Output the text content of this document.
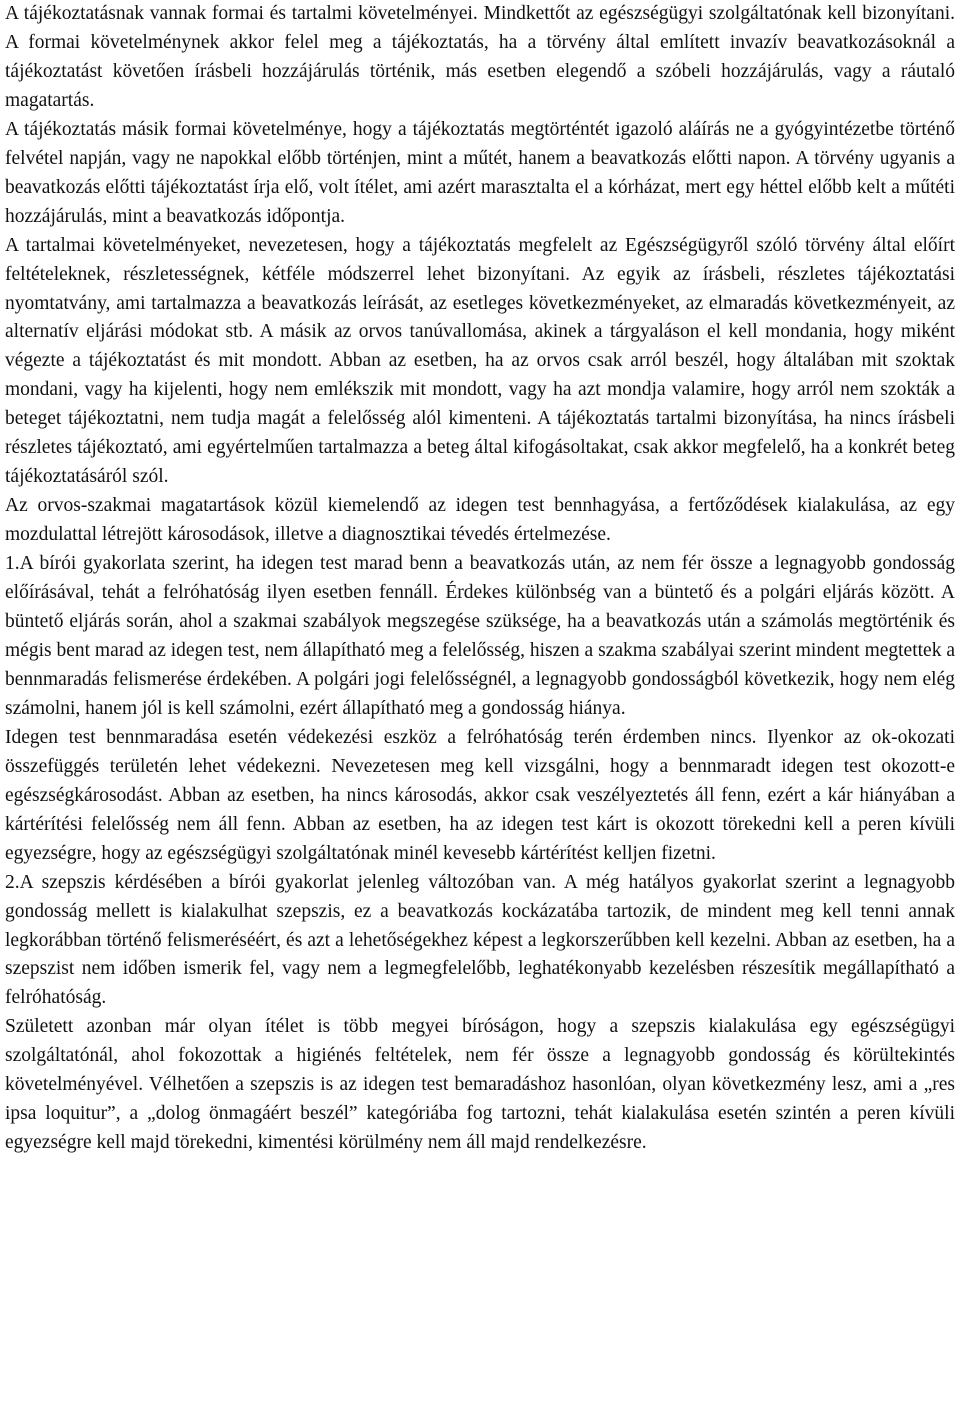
A tájékoztatásnak vannak formai és tartalmi követelményei. Mindkettőt az egészségügyi szolgáltatónak kell bizonyítani. A formai követelménynek akkor felel meg a tájékoztatás, ha a törvény által említett invazív beavatkozásoknál a tájékoztatást követően írásbeli hozzájárulás történik, más esetben elegendő a szóbeli hozzájárulás, vagy a ráutaló magatartás.

A tájékoztatás másik formai követelménye, hogy a tájékoztatás megtörténtét igazoló aláírás ne a gyógyintézetbe történő felvétel napján, vagy ne napokkal előbb történjen, mint a műtét, hanem a beavatkozás előtti napon. A törvény ugyanis a beavatkozás előtti tájékoztatást írja elő, volt ítélet, ami azért marasztalta el a kórházat, mert egy héttel előbb kelt a műtéti hozzájárulás, mint a beavatkozás időpontja.

A tartalmai követelményeket, nevezetesen, hogy a tájékoztatás megfelelt az Egészségügyről szóló törvény által előírt feltételeknek, részletességnek, kétféle módszerrel lehet bizonyítani. Az egyik az írásbeli, részletes tájékoztatási nyomtatvány, ami tartalmazza a beavatkozás leírását, az esetleges következményeket, az elmaradás következményeit, az alternatív eljárási módokat stb. A másik az orvos tanúvallomása, akinek a tárgyaláson el kell mondania, hogy miként végezte a tájékoztatást és mit mondott. Abban az esetben, ha az orvos csak arról beszél, hogy általában mit szoktak mondani, vagy ha kijelenti, hogy nem emlékszik mit mondott, vagy ha azt mondja valamire, hogy arról nem szokták a beteget tájékoztatni, nem tudja magát a felelősség alól kimenteni. A tájékoztatás tartalmi bizonyítása, ha nincs írásbeli részletes tájékoztató, ami egyértelműen tartalmazza a beteg által kifogásoltakat, csak akkor megfelelő, ha a konkrét beteg tájékoztatásáról szól.

Az orvos-szakmai magatartások közül kiemelendő az idegen test bennhagyása, a fertőződések kialakulása, az egy mozdulattal létrejött károsodások, illetve a diagnosztikai tévedés értelmezése.

1.A bírói gyakorlata szerint, ha idegen test marad benn a beavatkozás után, az nem fér össze a legnagyobb gondosság előírásával, tehát a felróhatóság ilyen esetben fennáll. Érdekes különbség van a büntető és a polgári eljárás között. A büntető eljárás során, ahol a szakmai szabályok megszegése szüksége, ha a beavatkozás után a számolás megtörténik és mégis bent marad az idegen test, nem állapítható meg a felelősség, hiszen a szakma szabályai szerint mindent megtettek a bennmaradás felismerése érdekében. A polgári jogi felelősségnél, a legnagyobb gondosságból következik, hogy nem elég számolni, hanem jól is kell számolni, ezért állapítható meg a gondosság hiánya.

Idegen test bennmaradása esetén védekezési eszköz a felróhatóság terén érdemben nincs. Ilyenkor az ok-okozati összefüggés területén lehet védekezni. Nevezetesen meg kell vizsgálni, hogy a bennmaradt idegen test okozott-e egészségkárosodást. Abban az esetben, ha nincs károsodás, akkor csak veszélyeztetés áll fenn, ezért a kár hiányában a kártérítési felelősség nem áll fenn. Abban az esetben, ha az idegen test kárt is okozott törekedni kell a peren kívüli egyezségre, hogy az egészségügyi szolgáltatónak minél kevesebb kártérítést kelljen fizetni.

2.A szepszis kérdésében a bírói gyakorlat jelenleg változóban van. A még hatályos gyakorlat szerint a legnagyobb gondosság mellett is kialakulhat szepszis, ez a beavatkozás kockázatába tartozik, de mindent meg kell tenni annak legkorábban történő felismeréséért, és azt a lehetőségekhez képest a legkorszerűbben kell kezelni. Abban az esetben, ha a szepszist nem időben ismerik fel, vagy nem a legmegfelelőbb, leghatékonyabb kezelésben részesítik megállapítható a felróhatóság.

Született azonban már olyan ítélet is több megyei bíróságon, hogy a szepszis kialakulása egy egészségügyi szolgáltatónál, ahol fokozottak a higiénés feltételek, nem fér össze a legnagyobb gondosság és körültekintés követelményével. Vélhetően a szepszis is az idegen test bemaradáshoz hasonlóan, olyan következmény lesz, ami a „res ipsa loquitur”, a „dolog önmagáért beszél” kategóriába fog tartozni, tehát kialakulása esetén szintén a peren kívüli egyezségre kell majd törekedni, kimentési körülmény nem áll majd rendelkezésre.
